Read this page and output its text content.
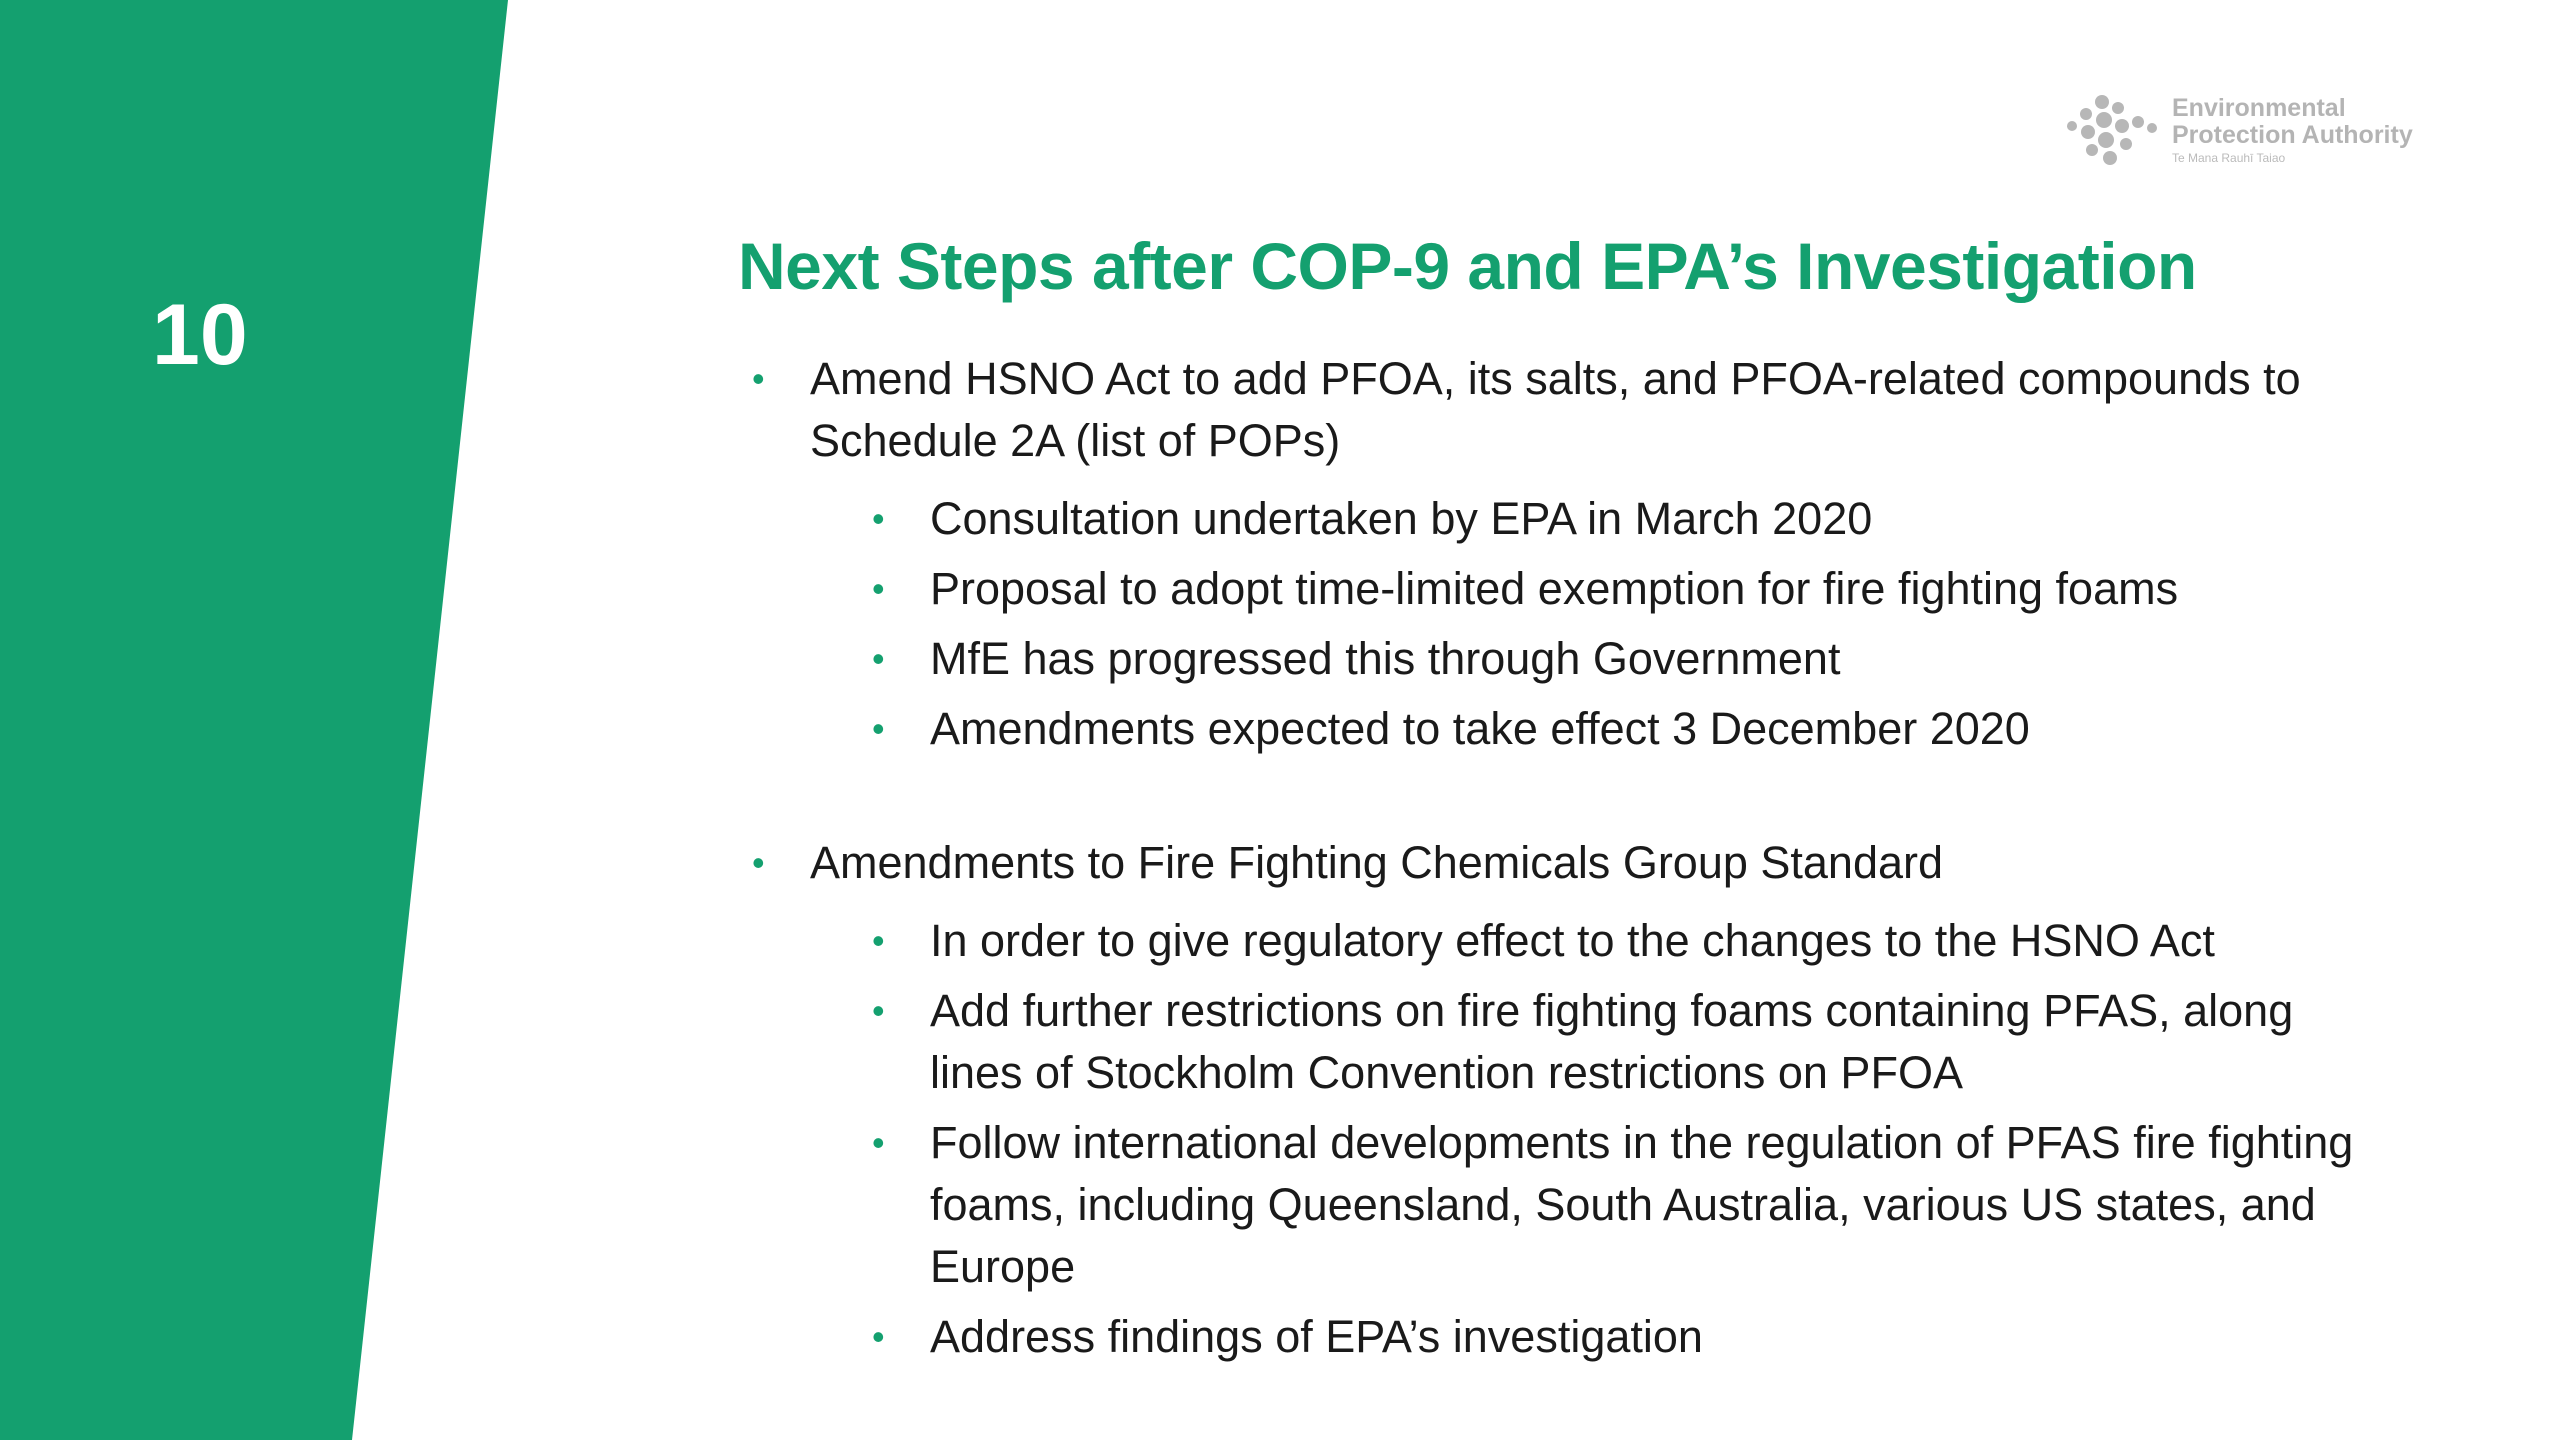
10
Environmental
Protection Authority
Te Mana Rauhī Taiao
Next Steps after COP-9 and EPA’s Investigation
• Amend HSNO Act to add PFOA, its salts, and PFOA-related compounds to Schedule 2A (list of POPs)
• Consultation undertaken by EPA in March 2020
• Proposal to adopt time-limited exemption for fire fighting foams
• MfE has progressed this through Government
• Amendments expected to take effect 3 December 2020
• Amendments to Fire Fighting Chemicals Group Standard
• In order to give regulatory effect to the changes to the HSNO Act
• Add further restrictions on fire fighting foams containing PFAS, along lines of Stockholm Convention restrictions on PFOA
• Follow international developments in the regulation of PFAS fire fighting foams, including Queensland, South Australia, various US states, and Europe
• Address findings of EPA’s investigation
